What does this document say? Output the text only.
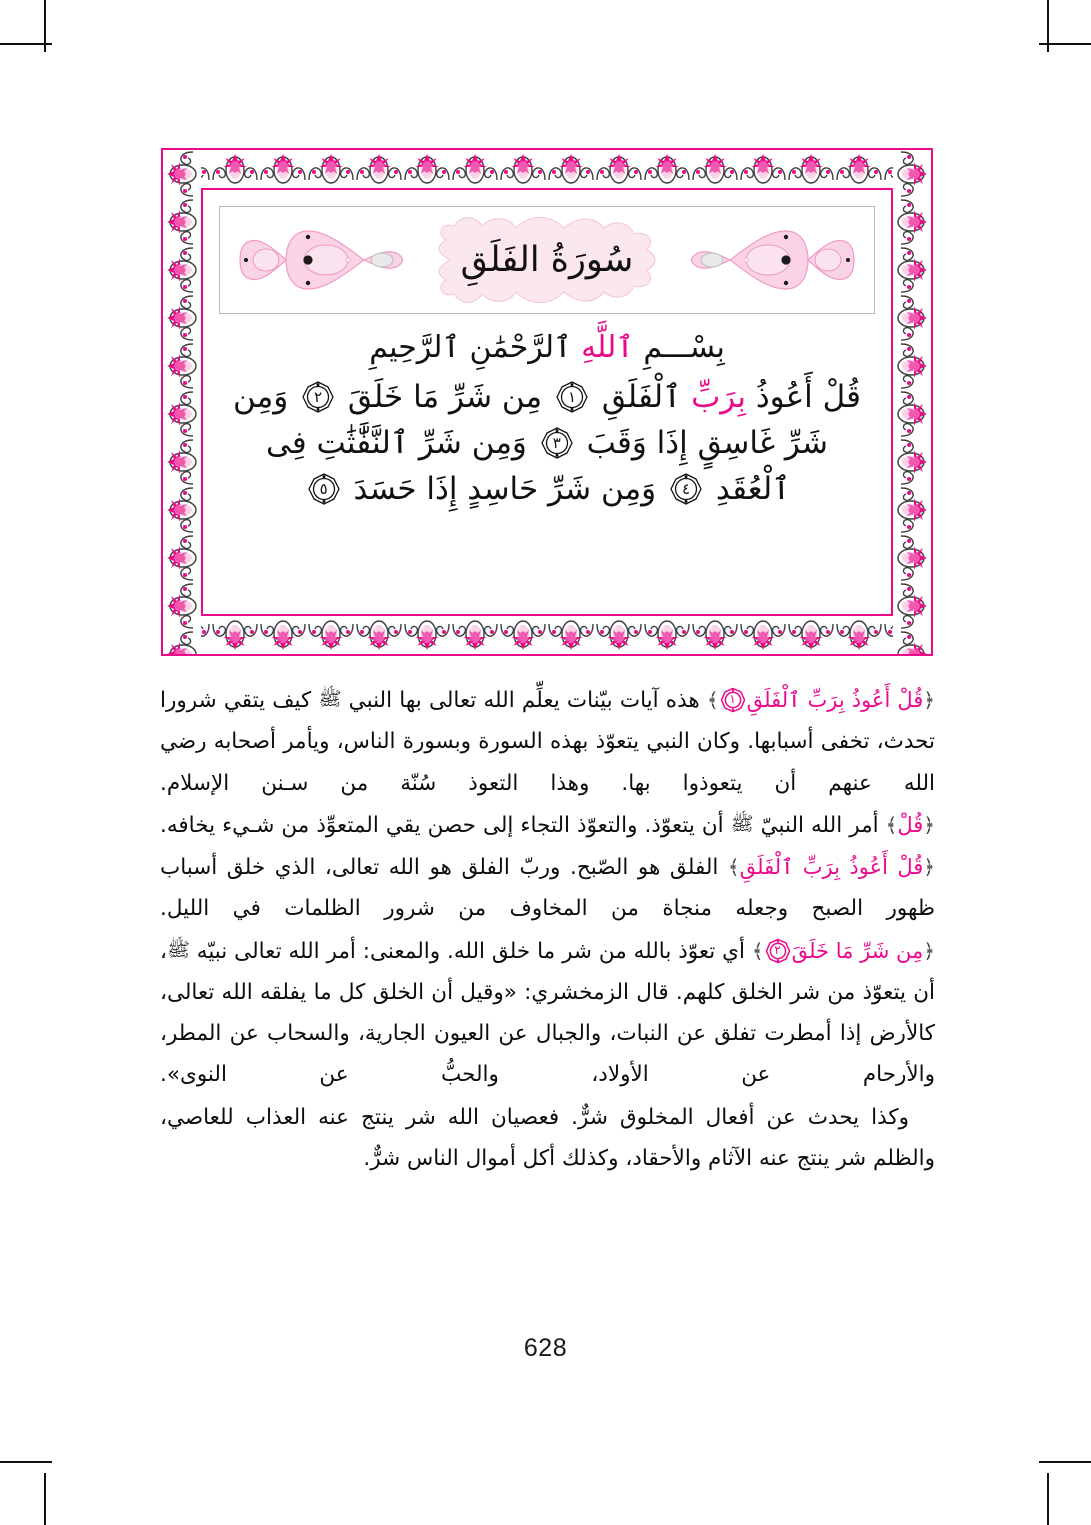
سُورَةُ الفَلَقِ
بِسْـــمِ ٱللَّهِ ٱلرَّحْمَٰنِ ٱلرَّحِيمِ
قُلْ أَعُوذُ بِرَبِّ ٱلْفَلَقِ
١
مِن شَرِّ مَا خَلَقَ
٢
وَمِن
شَرِّ غَاسِقٍ إِذَا وَقَبَ
٣
وَمِن شَرِّ ٱلنَّفَّٰثَٰتِ فِى
ٱلْعُقَدِ
٤
وَمِن شَرِّ حَاسِدٍ إِذَا حَسَدَ
٥

﴿قُلْ أَعُوذُ بِرَبِّ ٱلْفَلَقِ
١
﴾ هذه آيات بيّنات يعلِّم الله تعالى بها النبي ﷺ كيف يتقي شرورا تحدث، تخفى أسبابها. وكان النبي يتعوّذ بهذه السورة وبسورة الناس، ويأمر أصحابه رضي الله عنهم أن يتعوذوا بها. وهذا التعوذ سُنّة من سـنن الإسلام.

﴿قُلْ﴾ أمر الله النبيّ ﷺ أن يتعوّذ. والتعوّذ التجاء إلى حصن يقي المتعوِّذ من شـيء يخافه.

﴿قُلْ أَعُوذُ بِرَبِّ ٱلْفَلَقِ﴾ الفلق هو الصّبح. وربّ الفلق هو الله تعالى، الذي خلق أسباب ظهور الصبح وجعله منجاة من المخاوف من شرور الظلمات في الليل.

﴿مِن شَرِّ مَا خَلَقَ
٢
﴾ أي تعوّذ بالله من شر ما خلق الله. والمعنى: أمر الله تعالى نبيّه ﷺ، أن يتعوّذ من شر الخلق كلهم. قال الزمخشري: «وقيل أن الخلق كل ما يفلقه الله تعالى، كالأرض إذا أمطرت تفلق عن النبات، والجبال عن العيون الجارية، والسحاب عن المطر، والأرحام عن الأولاد، والحبُّ عن النوى».

وكذا يحدث عن أفعال المخلوق شرٌّ. فعصيان الله شر ينتج عنه العذاب للعاصي، والظلم شر ينتج عنه الآثام والأحقاد، وكذلك أكل أموال الناس شرٌّ.

628
